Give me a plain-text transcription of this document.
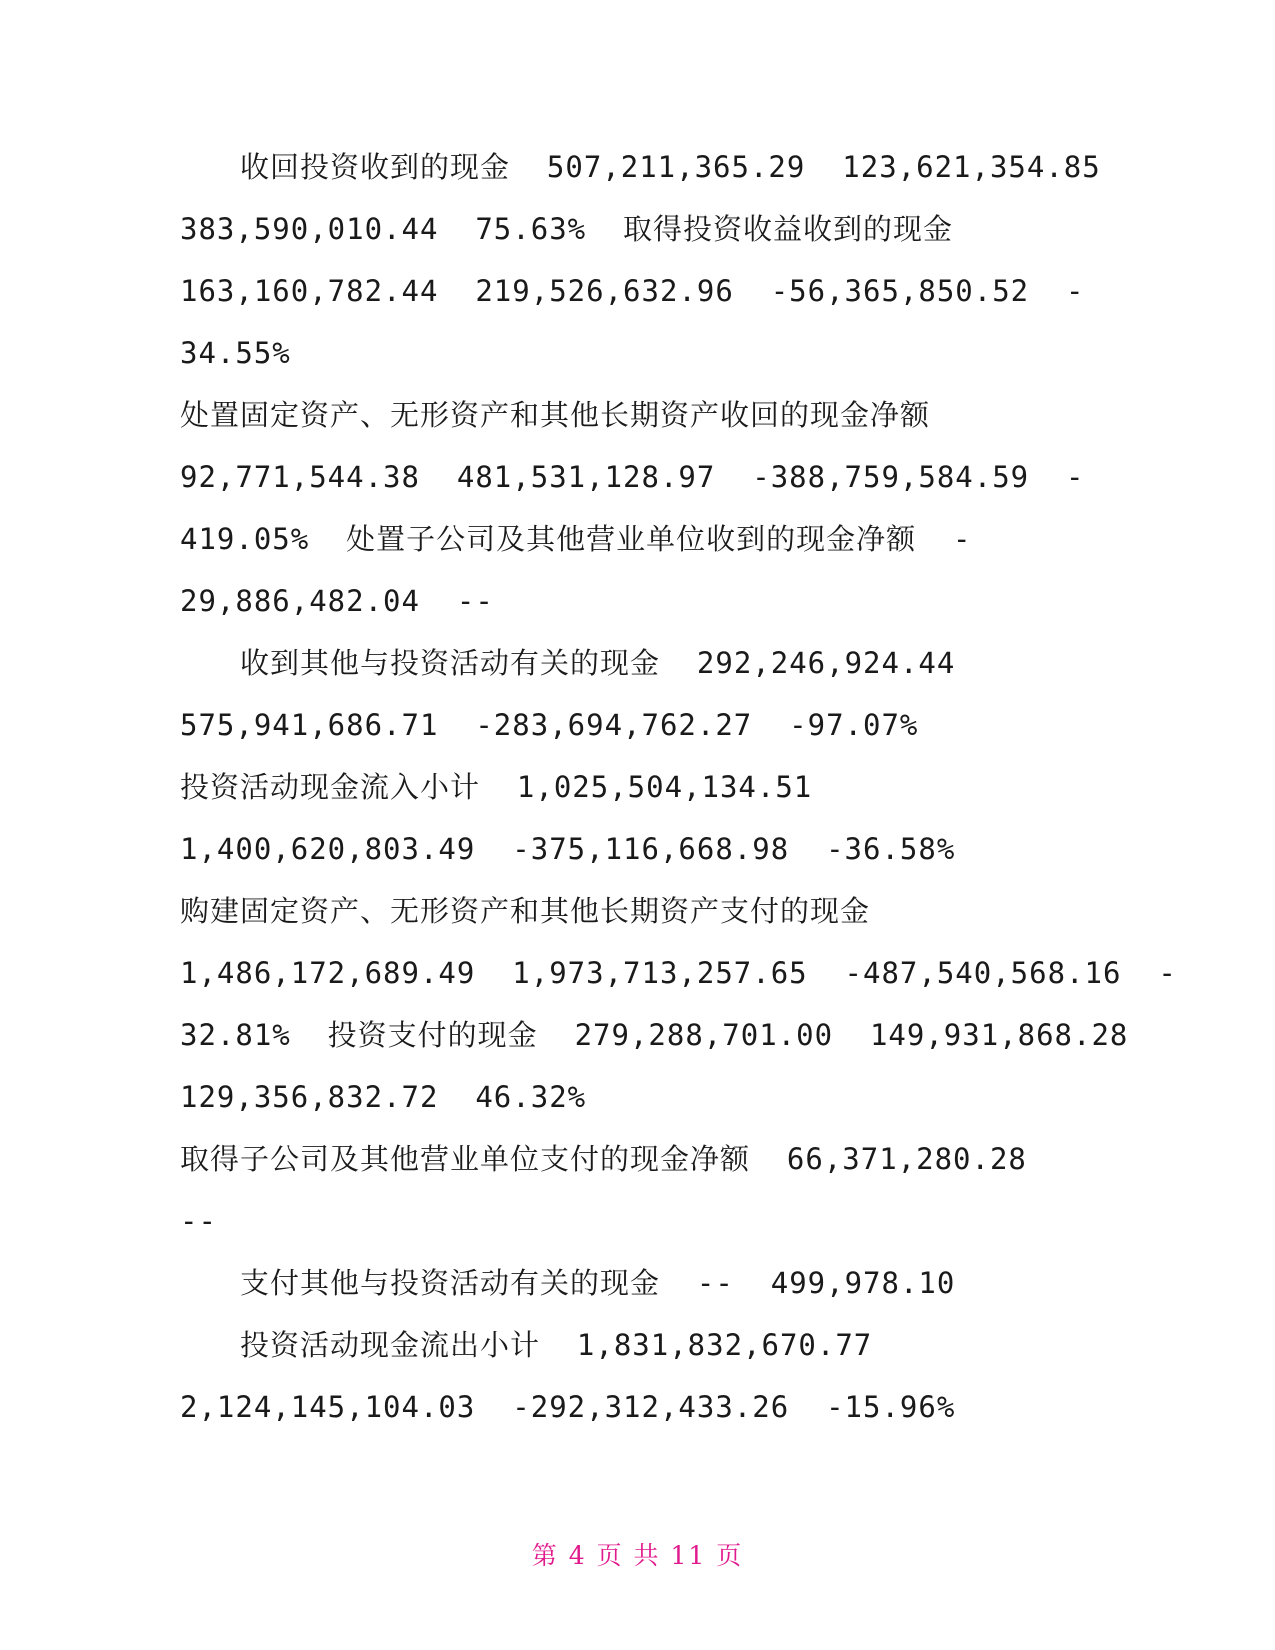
收回投资收到的现金  507,211,365.29  123,621,354.85
383,590,010.44  75.63%  取得投资收益收到的现金
163,160,782.44  219,526,632.96  -56,365,850.52  -
34.55%
处置固定资产、无形资产和其他长期资产收回的现金净额
92,771,544.38  481,531,128.97  -388,759,584.59  -
419.05%  处置子公司及其他营业单位收到的现金净额  -
29,886,482.04  --
收到其他与投资活动有关的现金  292,246,924.44
575,941,686.71  -283,694,762.27  -97.07%
投资活动现金流入小计  1,025,504,134.51
1,400,620,803.49  -375,116,668.98  -36.58%
购建固定资产、无形资产和其他长期资产支付的现金
1,486,172,689.49  1,973,713,257.65  -487,540,568.16  -
32.81%  投资支付的现金  279,288,701.00  149,931,868.28
129,356,832.72  46.32%
取得子公司及其他营业单位支付的现金净额  66,371,280.28
--
支付其他与投资活动有关的现金  --  499,978.10
投资活动现金流出小计  1,831,832,670.77
2,124,145,104.03  -292,312,433.26  -15.96%
第 4 页 共 11 页
